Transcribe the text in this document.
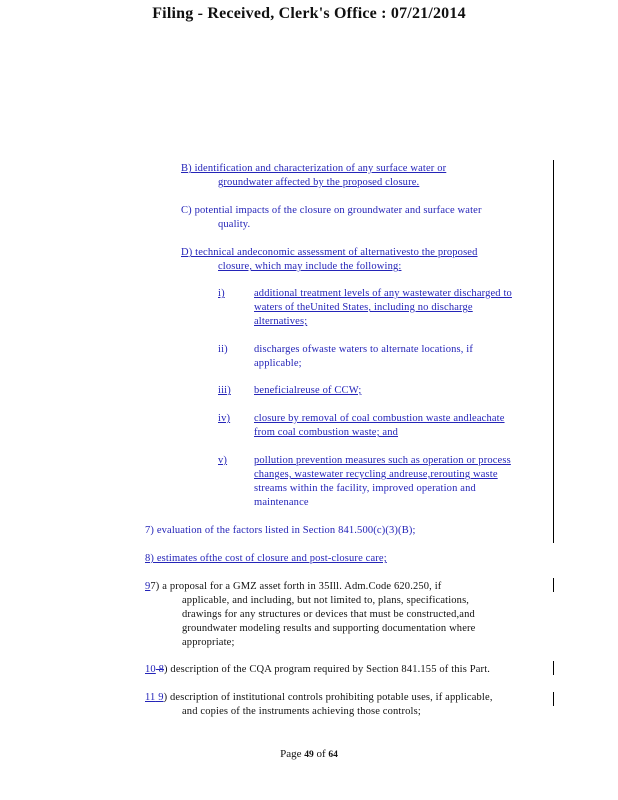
Filing - Received, Clerk's Office : 07/21/2014
B) identification and characterization of any surface water or
groundwater affected by the proposed closure.
C) potential impacts of the closure on groundwater and surface water
quality.
D) technical andeconomic assessment of alternativesto the proposed
closure, which may include the following:
i)	additional treatment levels of any wastewater discharged to
waters of theUnited States, including no discharge
alternatives;
ii) discharges ofwaste waters to alternate locations, if
applicable;
iii) beneficialreuse of CCW;
iv) closure by removal of coal combustion waste andleachate
from coal combustion waste; and
v)	pollution prevention measures such as operation or process
changes, wastewater recycling andreuse,rerouting waste
streams within the facility, improved operation and
maintenance
7) evaluation of the factors listed in Section 841.500(c)(3)(B);
8) estimates ofthe cost of closure and post-closure care;
97) a proposal for a GMZ asset forth in 35Ill. Adm.Code 620.250, if
applicable, and including, but not limited to, plans, specifications,
drawings for any structures or devices that must be constructed,and
groundwater modeling results and supporting documentation where
appropriate;
10 8) description of the CQA program required by Section 841.155 of this Part.
11 9) description of institutional controls prohibiting potable uses, if applicable,
and copies of the instruments achieving those controls;
Page 49 of 64
